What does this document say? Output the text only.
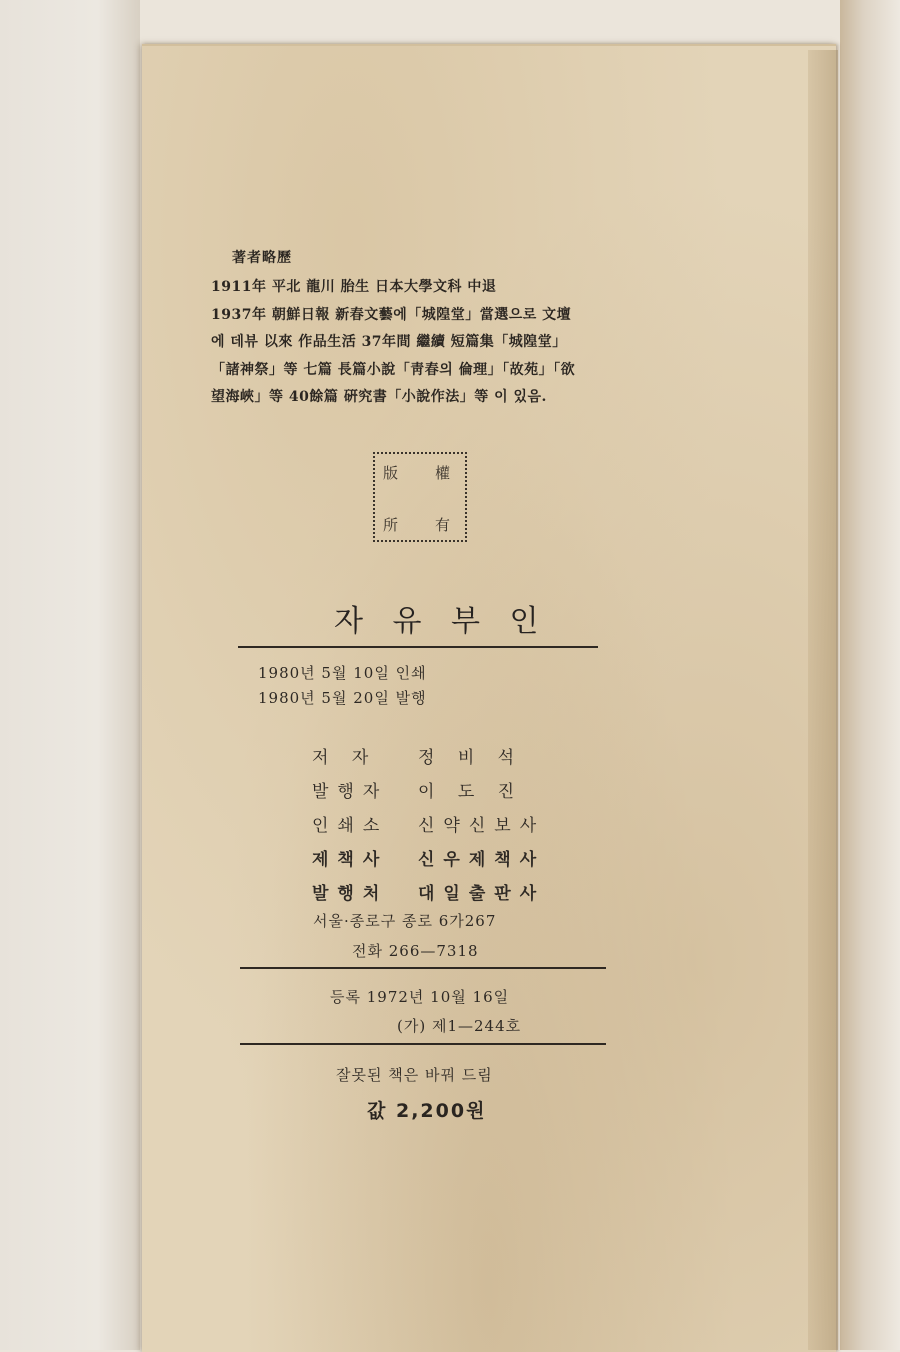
著者略歷
1911年 平北 龍川 胎生 日本大學文科 中退
1937年 朝鮮日報 新春文藝에「城隍堂」當選으로 文壇
에 데뷰 以來 作品生活 37年間 繼續 短篇集「城隍堂」
「諸神祭」等 七篇 長篇小說「靑春의 倫理」「故苑」「欲
望海峽」等 40餘篇 硏究書「小說作法」等 이 있음.
版 權
所 有
자 유 부 인
1980년 5월 10일 인쇄
1980년 5월 20일 발행
저 자 정 비 석
발행자 이 도 진
인쇄소 신약신보사
제책사 신우제책사
발행처 대일출판사
서울·종로구 종로 6가267
전화 266—7318
등록 1972년 10월 16일
(가) 제1—244호
잘못된 책은 바꿔 드림
값 2,200원
